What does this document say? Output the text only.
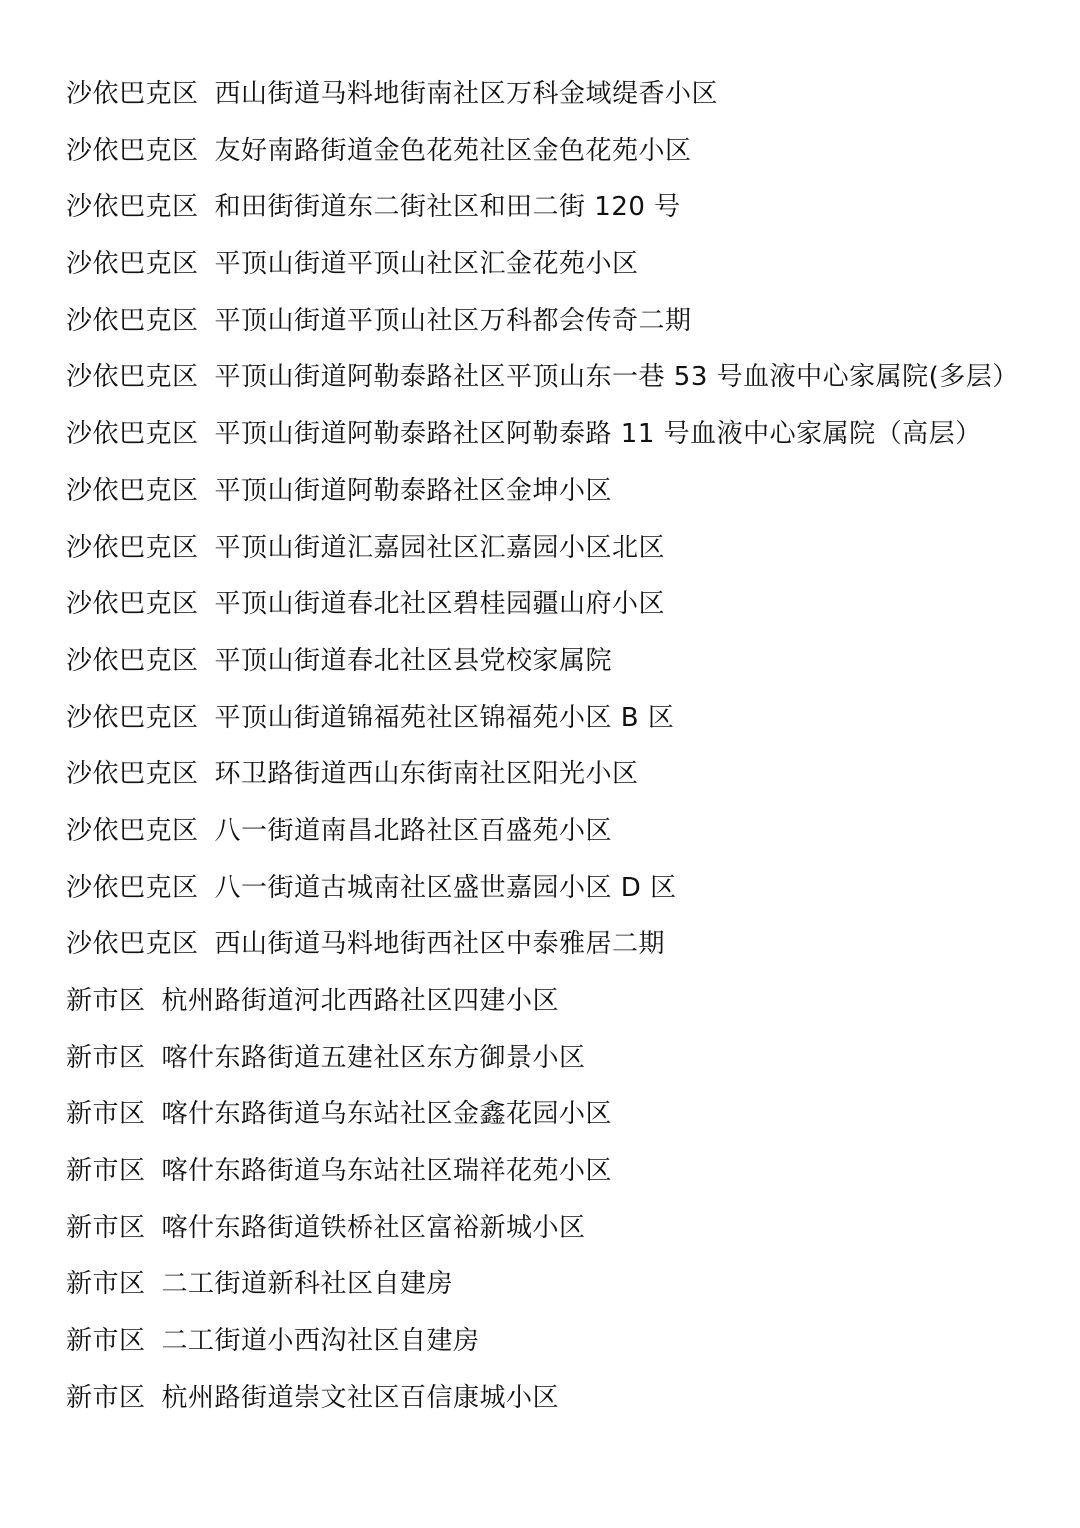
沙依巴克区 西山街道马料地街南社区万科金域缇香小区
沙依巴克区 友好南路街道金色花苑社区金色花苑小区
沙依巴克区 和田街街道东二街社区和田二街 120 号
沙依巴克区 平顶山街道平顶山社区汇金花苑小区
沙依巴克区 平顶山街道平顶山社区万科都会传奇二期
沙依巴克区 平顶山街道阿勒泰路社区平顶山东一巷 53 号血液中心家属院(多层）
沙依巴克区 平顶山街道阿勒泰路社区阿勒泰路 11 号血液中心家属院（高层）
沙依巴克区 平顶山街道阿勒泰路社区金坤小区
沙依巴克区 平顶山街道汇嘉园社区汇嘉园小区北区
沙依巴克区 平顶山街道春北社区碧桂园疆山府小区
沙依巴克区 平顶山街道春北社区县党校家属院
沙依巴克区 平顶山街道锦福苑社区锦福苑小区 B 区
沙依巴克区 环卫路街道西山东街南社区阳光小区
沙依巴克区 八一街道南昌北路社区百盛苑小区
沙依巴克区 八一街道古城南社区盛世嘉园小区 D 区
沙依巴克区 西山街道马料地街西社区中泰雅居二期
新市区 杭州路街道河北西路社区四建小区
新市区 喀什东路街道五建社区东方御景小区
新市区 喀什东路街道乌东站社区金鑫花园小区
新市区 喀什东路街道乌东站社区瑞祥花苑小区
新市区 喀什东路街道铁桥社区富裕新城小区
新市区 二工街道新科社区自建房
新市区 二工街道小西沟社区自建房
新市区 杭州路街道崇文社区百信康城小区
